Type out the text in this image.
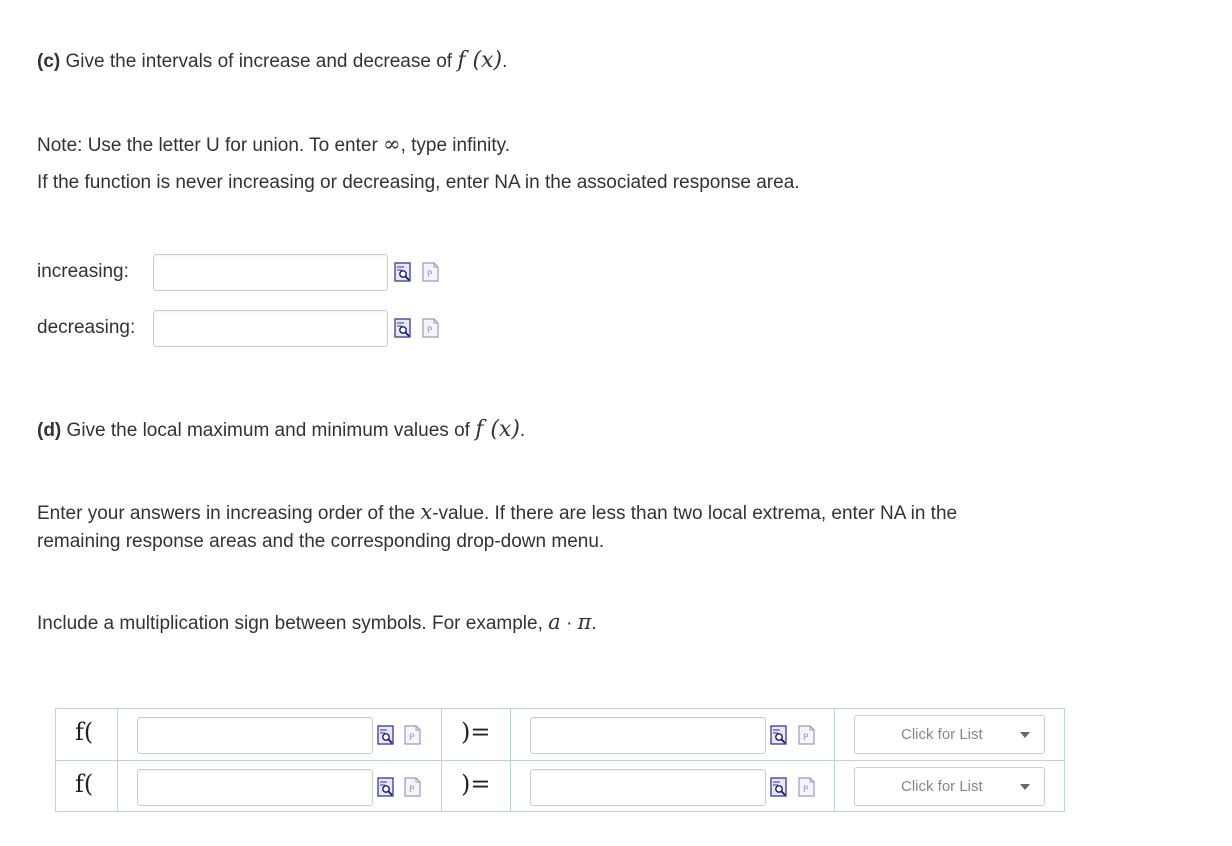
(c) Give the intervals of increase and decrease of f (x).
Note: Use the letter U for union. To enter ∞, type infinity.
If the function is never increasing or decreasing, enter NA in the associated response area.
increasing:	P
decreasing:	P
(d) Give the local maximum and minimum values of f (x).
Enter your answers in increasing order of the x-value. If there are less than two local extrema, enter NA in the
remaining response areas and the corresponding drop-down menu.
Include a multiplication sign between symbols. For example, a · π.
f(	P )=	P	Click for List
f(	P )=	P	Click for List
